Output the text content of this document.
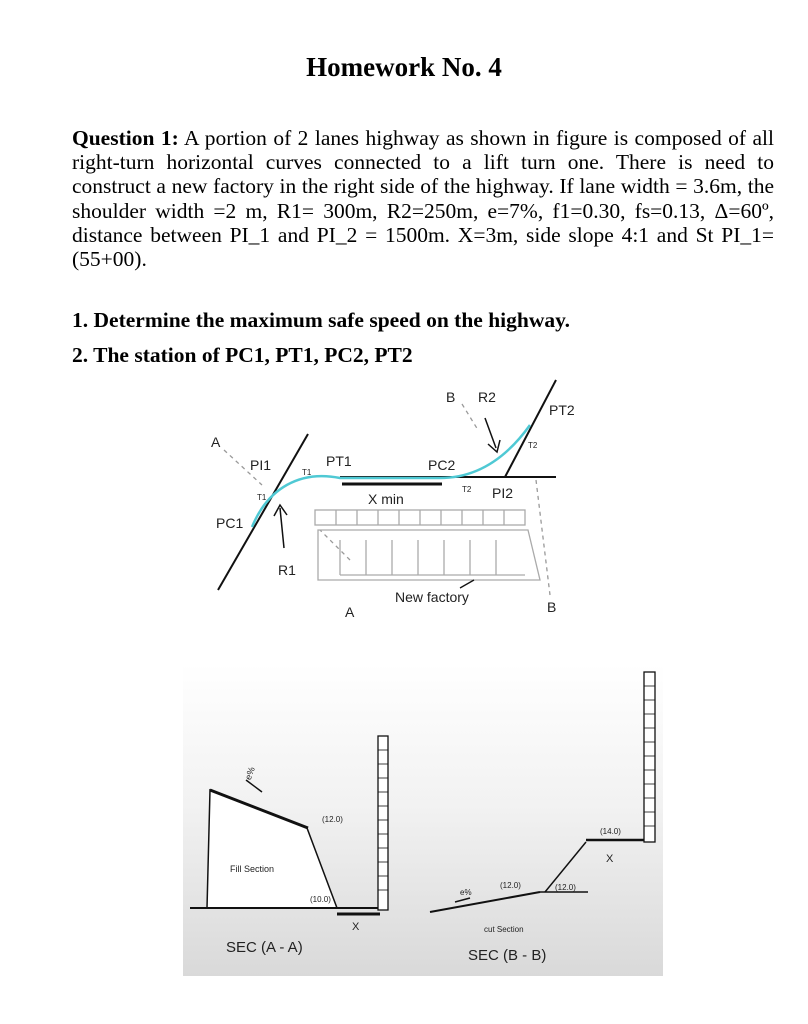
Homework No. 4
Question 1: A portion of 2 lanes highway as shown in figure is composed of all right-turn horizontal curves connected to a lift turn one. There is need to construct a new factory in the right side of the highway. If lane width = 3.6m, the shoulder width =2 m, R1= 300m, R2=250m, e=7%, f1=0.30, fs=0.13, Δ=60º, distance between PI_1 and PI_2 = 1500m. X=3m, side slope 4:1 and St PI_1=(55+00).
1. Determine the maximum safe speed on the highway.
2. The station of PC1, PT1, PC2, PT2
A
PI1	T1
T1
PT1	PC2
B R2
PT2
T2
T2 PI2
X min
PC1
R1
A
New factory
B
e%
Fill Section
(12.0)
(10.0)
X
SEC (A - A)
e%
(12.0)	(12.0)
(14.0)
X
cut Section
SEC (B - B)
